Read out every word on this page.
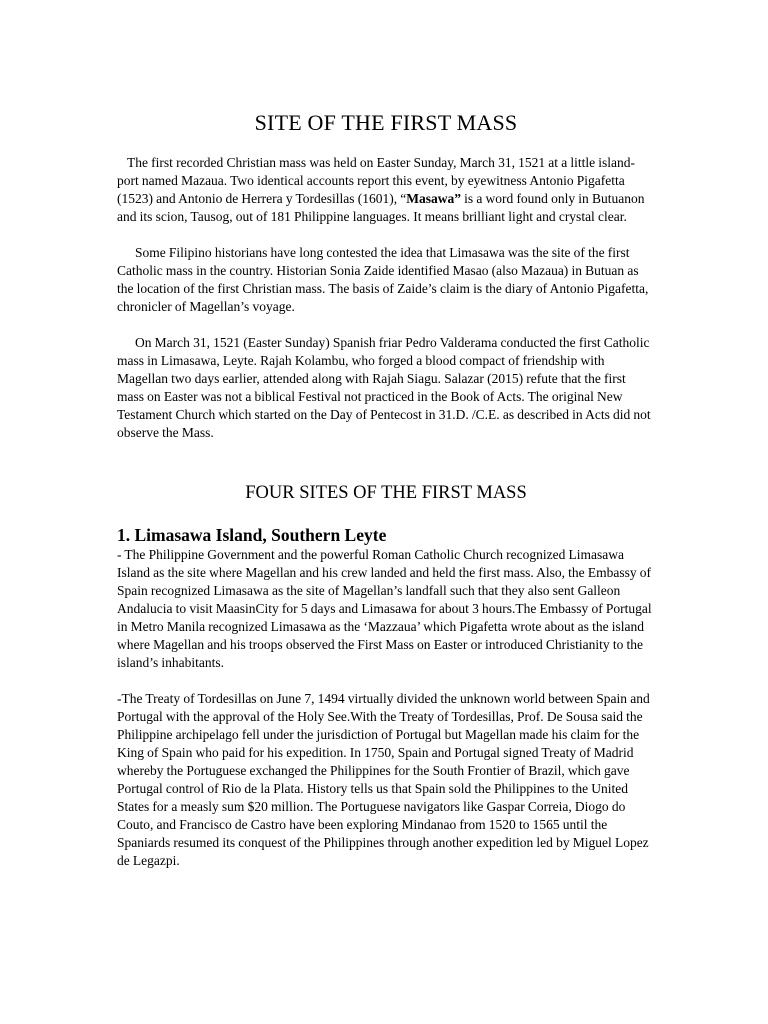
SITE OF THE FIRST MASS

The first recorded Christian mass was held on Easter Sunday, March 31, 1521 at a little island-port named Mazaua. Two identical accounts report this event, by eyewitness Antonio Pigafetta (1523) and Antonio de Herrera y Tordesillas (1601), “Masawa” is a word found only in Butuanon and its scion, Tausog, out of 181 Philippine languages. It means brilliant light and crystal clear.

Some Filipino historians have long contested the idea that Limasawa was the site of the first Catholic mass in the country. Historian Sonia Zaide identified Masao (also Mazaua) in Butuan as the location of the first Christian mass. The basis of Zaide’s claim is the diary of Antonio Pigafetta, chronicler of Magellan’s voyage.

On March 31, 1521 (Easter Sunday) Spanish friar Pedro Valderama conducted the first Catholic mass in Limasawa, Leyte. Rajah Kolambu, who forged a blood compact of friendship with Magellan two days earlier, attended along with Rajah Siagu. Salazar (2015) refute that the first mass on Easter was not a biblical Festival not practiced in the Book of Acts. The original New Testament Church which started on the Day of Pentecost in 31.D. /C.E. as described in Acts did not observe the Mass.

FOUR SITES OF THE FIRST MASS
1. Limasawa Island, Southern Leyte

- The Philippine Government and the powerful Roman Catholic Church recognized Limasawa Island as the site where Magellan and his crew landed and held the first mass. Also, the Embassy of Spain recognized Limasawa as the site of Magellan’s landfall such that they also sent Galleon Andalucia to visit MaasinCity for 5 days and Limasawa for about 3 hours.The Embassy of Portugal in Metro Manila recognized Limasawa as the ‘Mazzaua’ which Pigafetta wrote about as the island where Magellan and his troops observed the First Mass on Easter or introduced Christianity to the island’s inhabitants.

-The Treaty of Tordesillas on June 7, 1494 virtually divided the unknown world between Spain and Portugal with the approval of the Holy See.With the Treaty of Tordesillas, Prof. De Sousa said the Philippine archipelago fell under the jurisdiction of Portugal but Magellan made his claim for the King of Spain who paid for his expedition. In 1750, Spain and Portugal signed Treaty of Madrid whereby the Portuguese exchanged the Philippines for the South Frontier of Brazil, which gave Portugal control of Rio de la Plata. History tells us that Spain sold the Philippines to the United States for a measly sum $20 million. The Portuguese navigators like Gaspar Correia, Diogo do Couto, and Francisco de Castro have been exploring Mindanao from 1520 to 1565 until the Spaniards resumed its conquest of the Philippines through another expedition led by Miguel Lopez de Legazpi.
